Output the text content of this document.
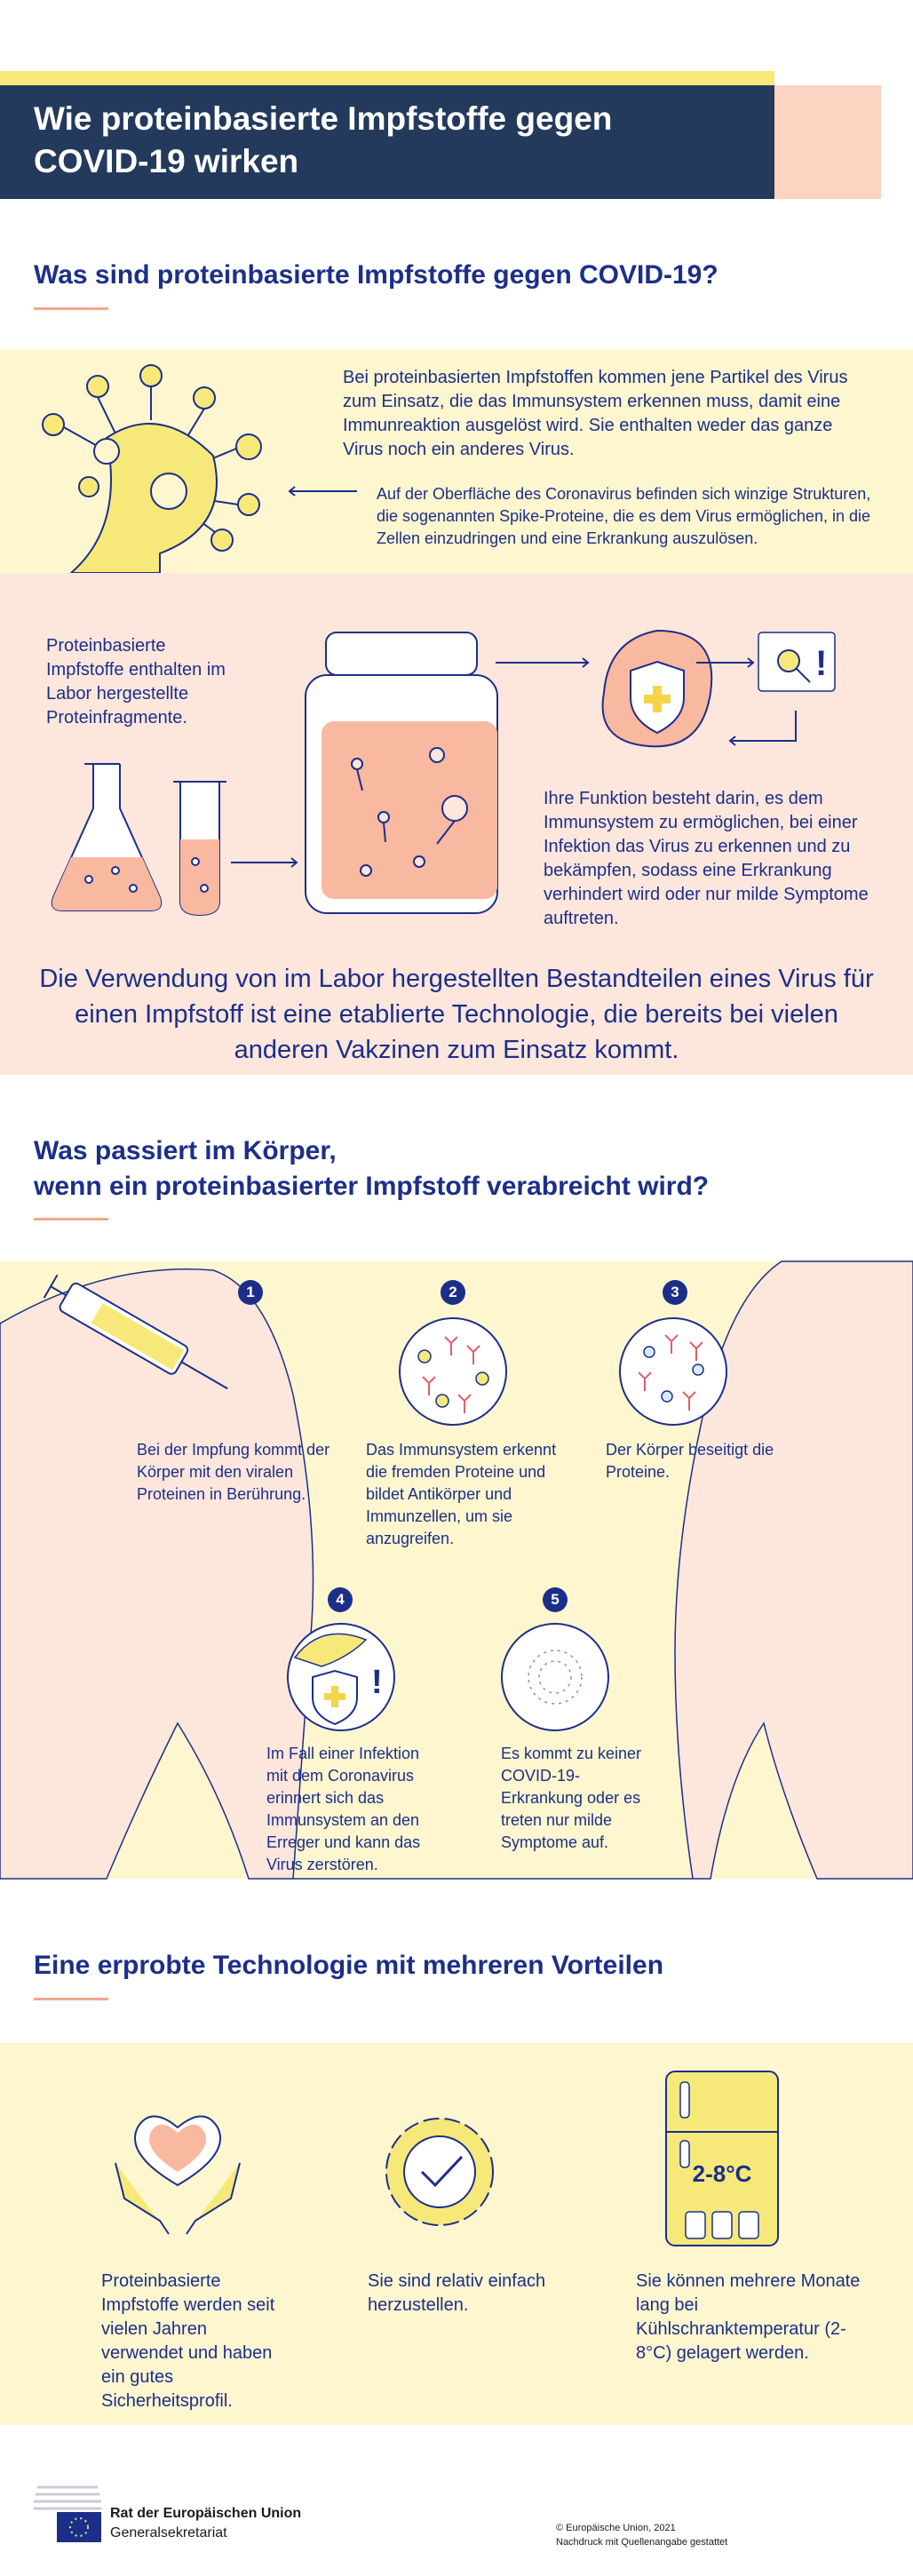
Wie proteinbasierte Impfstoffe gegen
COVID-19 wirken
Was sind proteinbasierte Impfstoffe gegen COVID-19?
Bei proteinbasierten Impfstoffen kommen jene Partikel des Virus zum Einsatz, die das Immunsystem erkennen muss, damit eine Immunreaktion ausgelöst wird. Sie enthalten weder das ganze Virus noch ein anderes Virus.
Auf der Oberfläche des Coronavirus befinden sich winzige Strukturen, die sogenannten Spike-Proteine, die es dem Virus ermöglichen, in die Zellen einzudringen und eine Erkrankung auszulösen.
Proteinbasierte Impfstoffe enthalten im Labor hergestellte Proteinfragmente.
!
Ihre Funktion besteht darin, es dem Immunsystem zu ermöglichen, bei einer Infektion das Virus zu erkennen und zu bekämpfen, sodass eine Erkrankung verhindert wird oder nur milde Symptome auftreten.
Die Verwendung von im Labor hergestellten Bestandteilen eines Virus für einen Impfstoff ist eine etablierte Technologie, die bereits bei vielen anderen Vakzinen zum Einsatz kommt.
Was passiert im Körper,
wenn ein proteinbasierter Impfstoff verabreicht wird?
1	2	3
4	5
!
Bei der Impfung kommt der Körper mit den viralen Proteinen in Berührung.
Das Immunsystem erkennt die fremden Proteine und bildet Antikörper und Immunzellen, um sie anzugreifen.
Der Körper beseitigt die Proteine.
Im Fall einer Infektion mit dem Coronavirus erinnert sich das Immunsystem an den Erreger und kann das Virus zerstören.
Es kommt zu keiner COVID-19-Erkrankung oder es treten nur milde Symptome auf.
Eine erprobte Technologie mit mehreren Vorteilen
2-8°C
Proteinbasierte Impfstoffe werden seit vielen Jahren verwendet und haben ein gutes Sicherheitsprofil.
Sie sind relativ einfach herzustellen.
Sie können mehrere Monate lang bei Kühlschranktemperatur (2-8°C) gelagert werden.
Rat der Europäischen Union
Generalsekretariat	© Europäische Union, 2021
Nachdruck mit Quellenangabe gestattet
